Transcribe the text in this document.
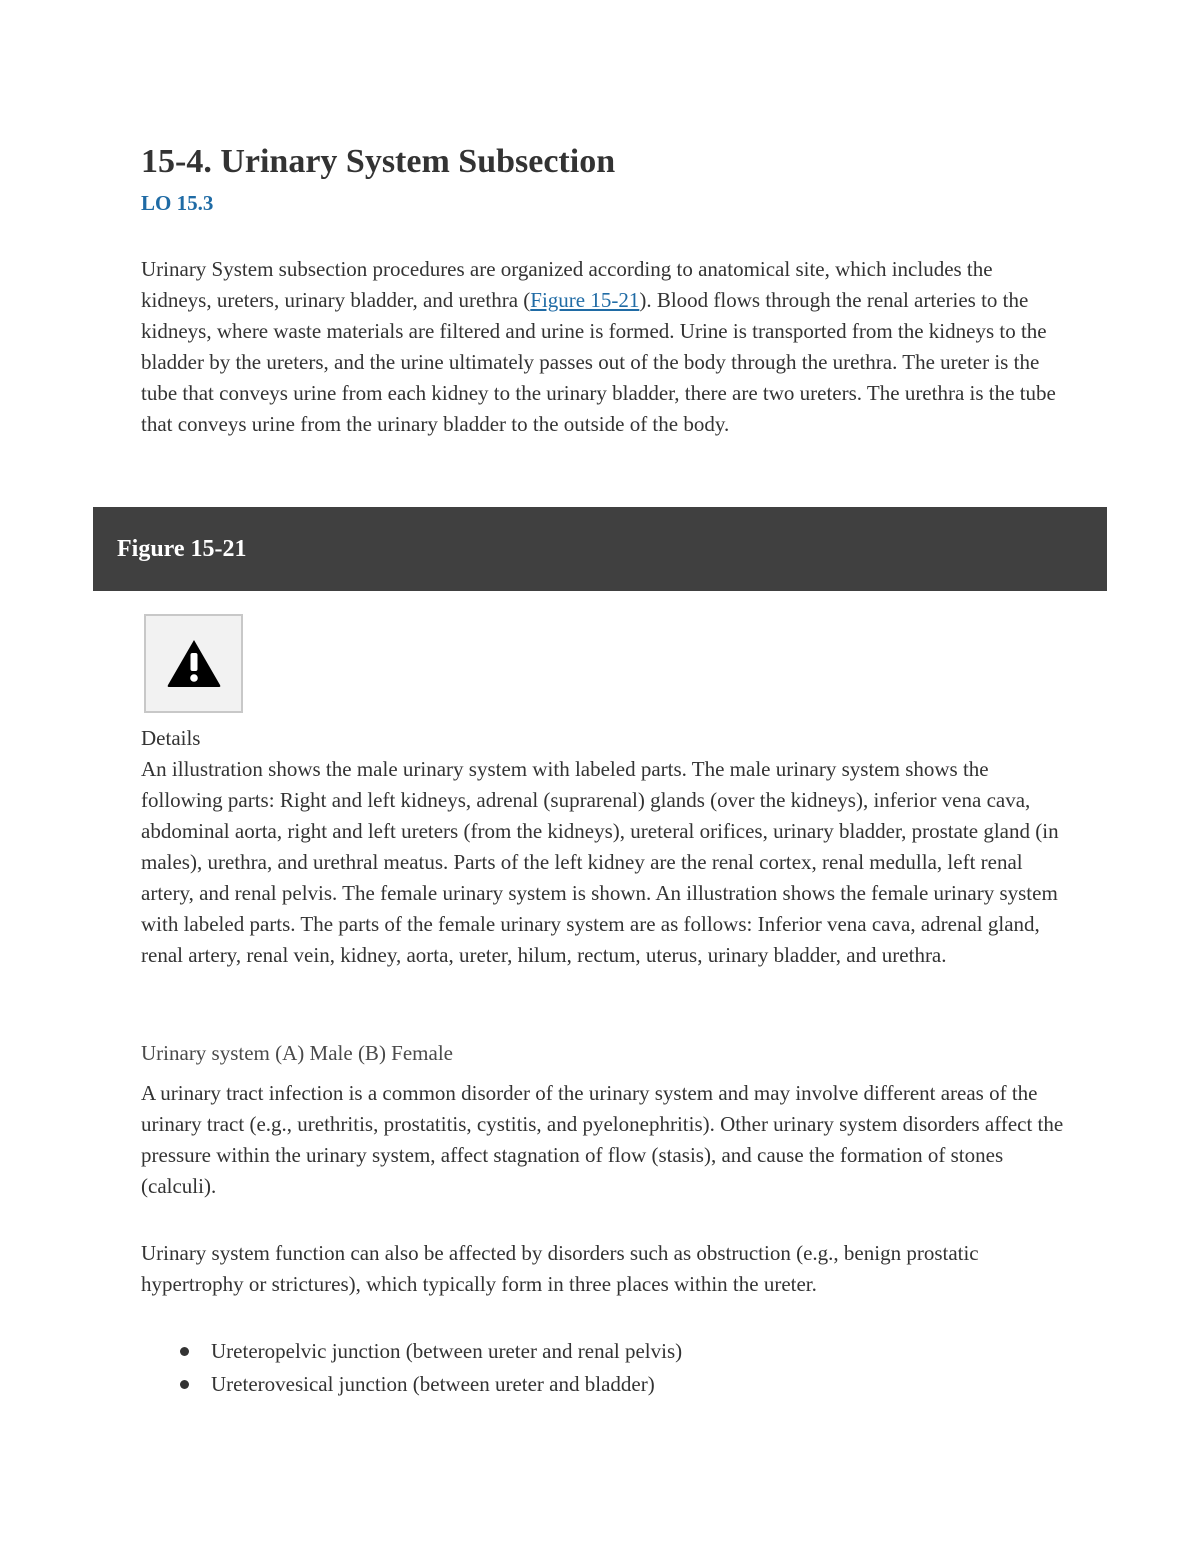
15-4. Urinary System Subsection
LO 15.3

Urinary System subsection procedures are organized according to anatomical site, which includes the kidneys, ureters, urinary bladder, and urethra (Figure 15-21). Blood flows through the renal arteries to the kidneys, where waste materials are filtered and urine is formed. Urine is transported from the kidneys to the bladder by the ureters, and the urine ultimately passes out of the body through the urethra. The ureter is the tube that conveys urine from each kidney to the urinary bladder, there are two ureters. The urethra is the tube that conveys urine from the urinary bladder to the outside of the body.

Figure 15-21
Details

An illustration shows the male urinary system with labeled parts. The male urinary system shows the following parts: Right and left kidneys, adrenal (suprarenal) glands (over the kidneys), inferior vena cava, abdominal aorta, right and left ureters (from the kidneys), ureteral orifices, urinary bladder, prostate gland (in males), urethra, and urethral meatus. Parts of the left kidney are the renal cortex, renal medulla, left renal artery, and renal pelvis. The female urinary system is shown. An illustration shows the female urinary system with labeled parts. The parts of the female urinary system are as follows: Inferior vena cava, adrenal gland, renal artery, renal vein, kidney, aorta, ureter, hilum, rectum, uterus, urinary bladder, and urethra.

Urinary system (A) Male (B) Female

A urinary tract infection is a common disorder of the urinary system and may involve different areas of the urinary tract (e.g., urethritis, prostatitis, cystitis, and pyelonephritis). Other urinary system disorders affect the pressure within the urinary system, affect stagnation of flow (stasis), and cause the formation of stones (calculi).

Urinary system function can also be affected by disorders such as obstruction (e.g., benign prostatic hypertrophy or strictures), which typically form in three places within the ureter.

Ureteropelvic junction (between ureter and renal pelvis)
Ureterovesical junction (between ureter and bladder)
